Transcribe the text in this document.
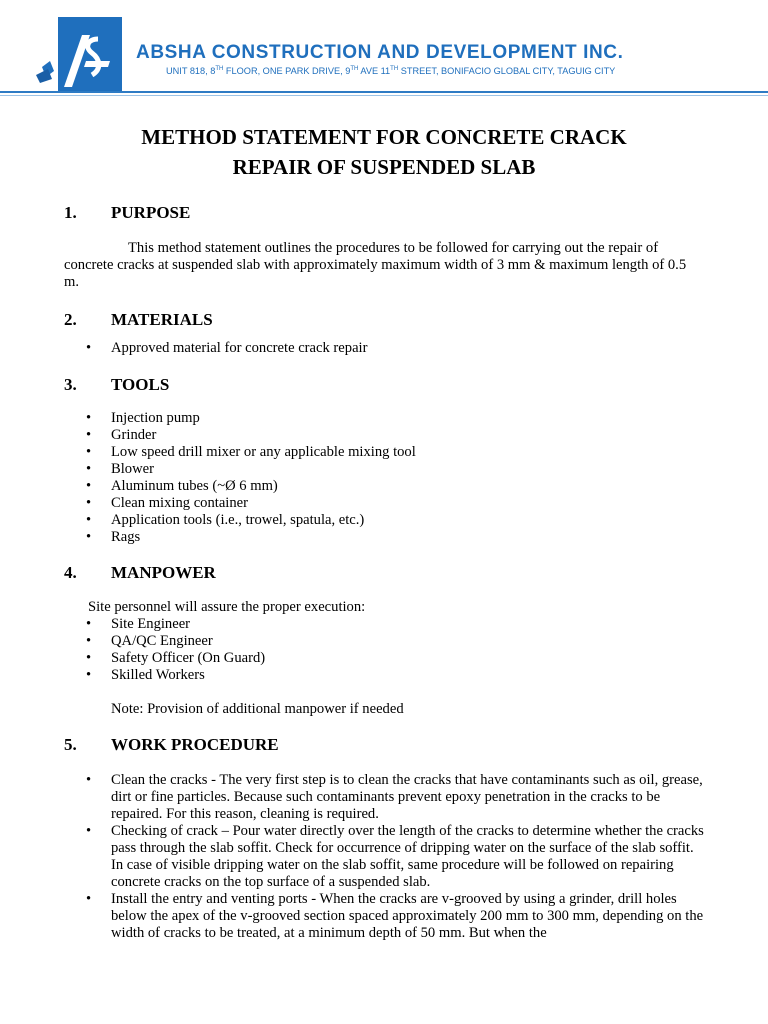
ABSHA CONSTRUCTION AND DEVELOPMENT INC.
UNIT 818, 8TH FLOOR, ONE PARK DRIVE, 9TH AVE 11TH STREET, BONIFACIO GLOBAL CITY, TAGUIG CITY
METHOD STATEMENT FOR CONCRETE CRACK
REPAIR OF SUSPENDED SLAB
1.	PURPOSE

This method statement outlines the procedures to be followed for carrying out the repair of concrete cracks at suspended slab with approximately maximum width of 3 mm & maximum length of 0.5 m.

2.	MATERIALS
• Approved material for concrete crack repair
3.	TOOLS
• Injection pump
• Grinder
• Low speed drill mixer or any applicable mixing tool
• Blower
• Aluminum tubes (~Ø 6 mm)
• Clean mixing container
• Application tools (i.e., trowel, spatula, etc.)
• Rags
4.	MANPOWER

Site personnel will assure the proper execution:

• Site Engineer
• QA/QC Engineer
• Safety Officer (On Guard)
• Skilled Workers

Note: Provision of additional manpower if needed

5.	WORK PROCEDURE
• Clean the cracks - The very first step is to clean the cracks that have contaminants such as oil, grease, dirt or fine particles. Because such contaminants prevent epoxy penetration in the cracks to be repaired. For this reason, cleaning is required.
• Checking of crack – Pour water directly over the length of the cracks to determine whether the cracks pass through the slab soffit. Check for occurrence of dripping water on the surface of the slab soffit. In case of visible dripping water on the slab soffit, same procedure will be followed on repairing concrete cracks on the top surface of a suspended slab.
• Install the entry and venting ports - When the cracks are v-grooved by using a grinder, drill holes below the apex of the v-grooved section spaced approximately 200 mm to 300 mm, depending on the width of cracks to be treated, at a minimum depth of 50 mm. But when the
